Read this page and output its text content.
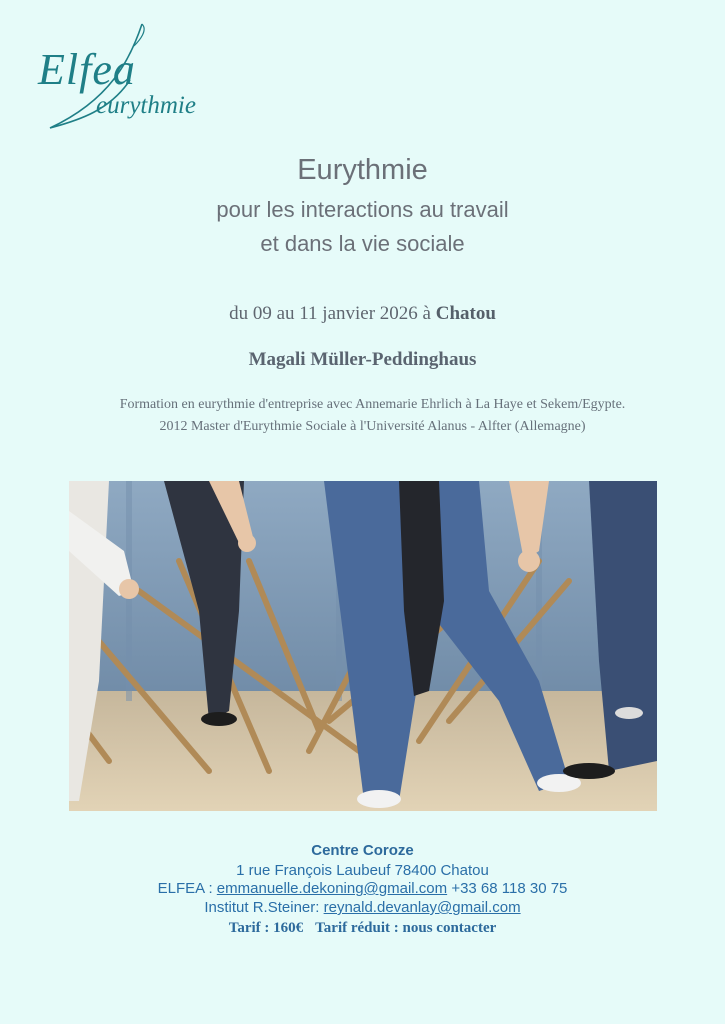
Elfea
eurythmie
Eurythmie
pour les interactions au travail
et dans la vie sociale
du 09 au 11 janvier 2026 à Chatou
Magali Müller-Peddinghaus
Formation en eurythmie d'entreprise avec Annemarie Ehrlich à La Haye et Sekem/Egypte.
2012 Master d'Eurythmie Sociale à l'Université Alanus - Alfter (Allemagne)
Centre Coroze
1 rue François Laubeuf 78400 Chatou
ELFEA : emmanuelle.dekoning@gmail.com +33 68 118 30 75
Institut R.Steiner: reynald.devanlay@gmail.com
Tarif : 160€ Tarif réduit : nous contacter
